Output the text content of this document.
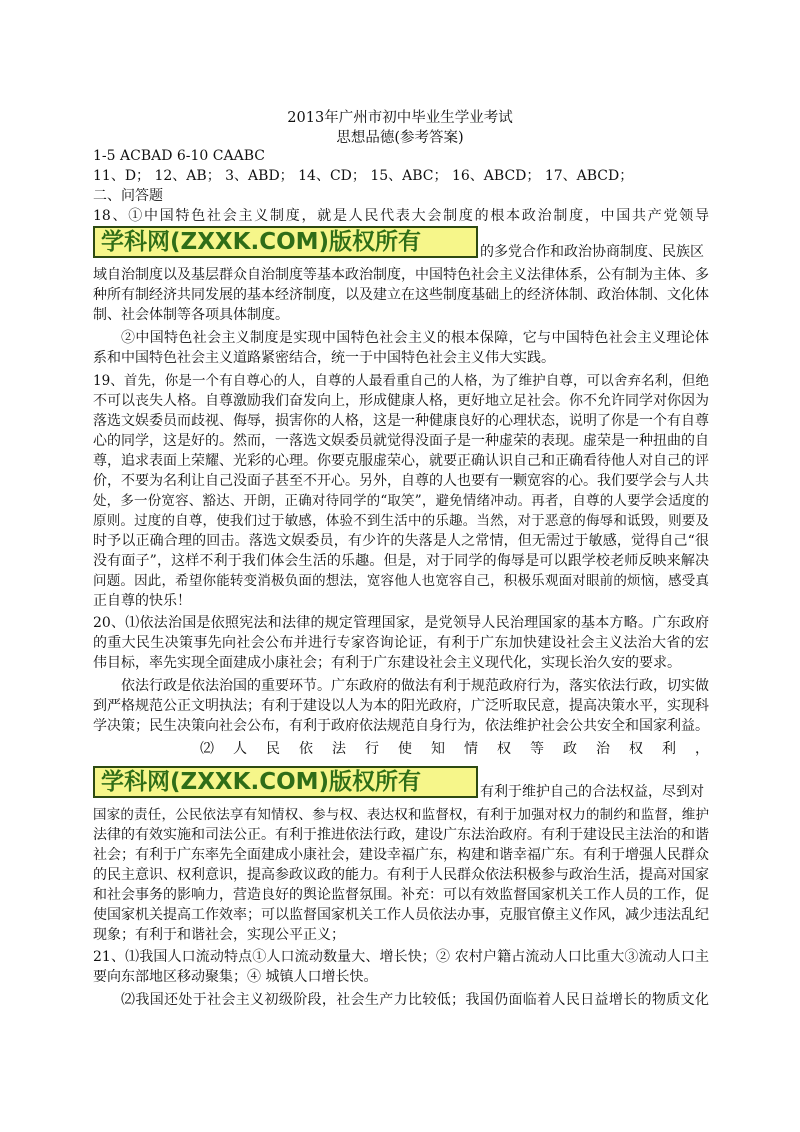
2013年广州市初中毕业生学业考试
思想品德(参考答案)
1-5 ACBAD 6-10 CAABC
11、D； 12、AB； 3、ABD； 14、CD； 15、ABC； 16、ABCD； 17、ABCD；
二、问答题
18、①中国特色社会主义制度，就是人民代表大会制度的根本政治制度，中国共产党领导
学科网(ZXXK.COM)版权所有	的多党合作和政治协商制度、民族区
域自治制度以及基层群众自治制度等基本政治制度，中国特色社会主义法律体系，公有制为主体、多
种所有制经济共同发展的基本经济制度，以及建立在这些制度基础上的经济体制、政治体制、文化体
制、社会体制等各项具体制度。
②中国特色社会主义制度是实现中国特色社会主义的根本保障，它与中国特色社会主义理论体
系和中国特色社会主义道路紧密结合，统一于中国特色社会主义伟大实践。
19、首先，你是一个有自尊心的人，自尊的人最看重自己的人格，为了维护自尊，可以舍弃名利，但绝
不可以丧失人格。自尊激励我们奋发向上，形成健康人格，更好地立足社会。你不允许同学对你因为
落选文娱委员而歧视、侮辱，损害你的人格，这是一种健康良好的心理状态，说明了你是一个有自尊
心的同学，这是好的。然而，一落选文娱委员就觉得没面子是一种虚荣的表现。虚荣是一种扭曲的自
尊，追求表面上荣耀、光彩的心理。你要克服虚荣心，就要正确认识自己和正确看待他人对自己的评
价，不要为名利让自己没面子甚至不开心。另外，自尊的人也要有一颗宽容的心。我们要学会与人共
处，多一份宽容、豁达、开朗，正确对待同学的“取笑”，避免情绪冲动。再者，自尊的人要学会适度的
原则。过度的自尊，使我们过于敏感，体验不到生活中的乐趣。当然，对于恶意的侮辱和诋毁，则要及
时予以正确合理的回击。落选文娱委员，有少许的失落是人之常情，但无需过于敏感，觉得自己“很
没有面子”，这样不利于我们体会生活的乐趣。但是，对于同学的侮辱是可以跟学校老师反映来解决
问题。因此，希望你能转变消极负面的想法，宽容他人也宽容自己，积极乐观面对眼前的烦恼，感受真
正自尊的快乐！
20、⑴依法治国是依照宪法和法律的规定管理国家，是党领导人民治理国家的基本方略。广东政府
的重大民生决策事先向社会公布并进行专家咨询论证，有利于广东加快建设社会主义法治大省的宏
伟目标，率先实现全面建成小康社会；有利于广东建设社会主义现代化，实现长治久安的要求。
依法行政是依法治国的重要环节。广东政府的做法有利于规范政府行为，落实依法行政，切实做
到严格规范公正文明执法；有利于建设以人为本的阳光政府，广泛听取民意，提高决策水平，实现科
学决策；民生决策向社会公布，有利于政府依法规范自身行为，依法维护社会公共安全和国家利益。
⑵　人　民　依　法　行　使　知　情　权　等　政　治　权　利　，
学科网(ZXXK.COM)版权所有	有利于维护自己的合法权益，尽到对
国家的责任，公民依法享有知情权、参与权、表达权和监督权，有利于加强对权力的制约和监督，维护
法律的有效实施和司法公正。有利于推进依法行政，建设广东法治政府。有利于建设民主法治的和谐
社会；有利于广东率先全面建成小康社会，建设幸福广东，构建和谐幸福广东。有利于增强人民群众
的民主意识、权利意识，提高参政议政的能力。有利于人民群众依法积极参与政治生活，提高对国家
和社会事务的影响力，营造良好的舆论监督氛围。补充：可以有效监督国家机关工作人员的工作，促
使国家机关提高工作效率；可以监督国家机关工作人员依法办事，克服官僚主义作风，减少违法乱纪
现象；有利于和谐社会，实现公平正义；
21、⑴我国人口流动特点①人口流动数量大、增长快；② 农村户籍占流动人口比重大③流动人口主
要向东部地区移动聚集；④ 城镇人口增长快。
⑵我国还处于社会主义初级阶段，社会生产力比较低；我国仍面临着人民日益增长的物质文化
